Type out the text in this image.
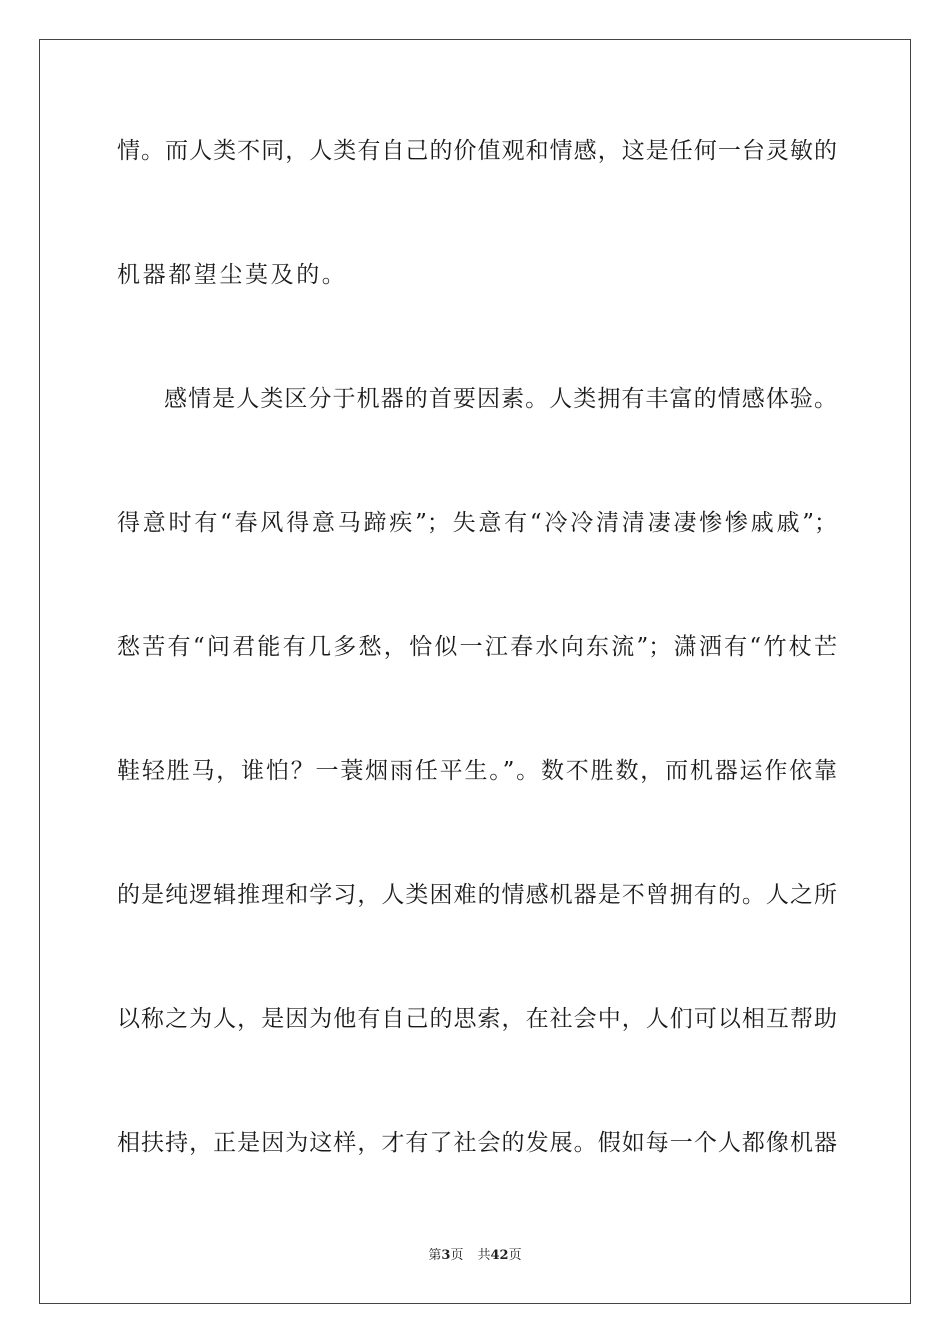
情。而人类不同，人类有自己的价值观和情感，这是任何一台灵敏的
机器都望尘莫及的。
感情是人类区分于机器的首要因素。人类拥有丰富的情感体验。
得意时有“春风得意马蹄疾”；失意有“冷冷清清凄凄惨惨戚戚”；
愁苦有“问君能有几多愁，恰似一江春水向东流”；潇洒有“竹杖芒
鞋轻胜马，谁怕？一蓑烟雨任平生。”。数不胜数，而机器运作依靠
的是纯逻辑推理和学习，人类困难的情感机器是不曾拥有的。人之所
以称之为人，是因为他有自己的思索，在社会中，人们可以相互帮助
相扶持，正是因为这样，才有了社会的发展。假如每一个人都像机器
第3页 共42页
